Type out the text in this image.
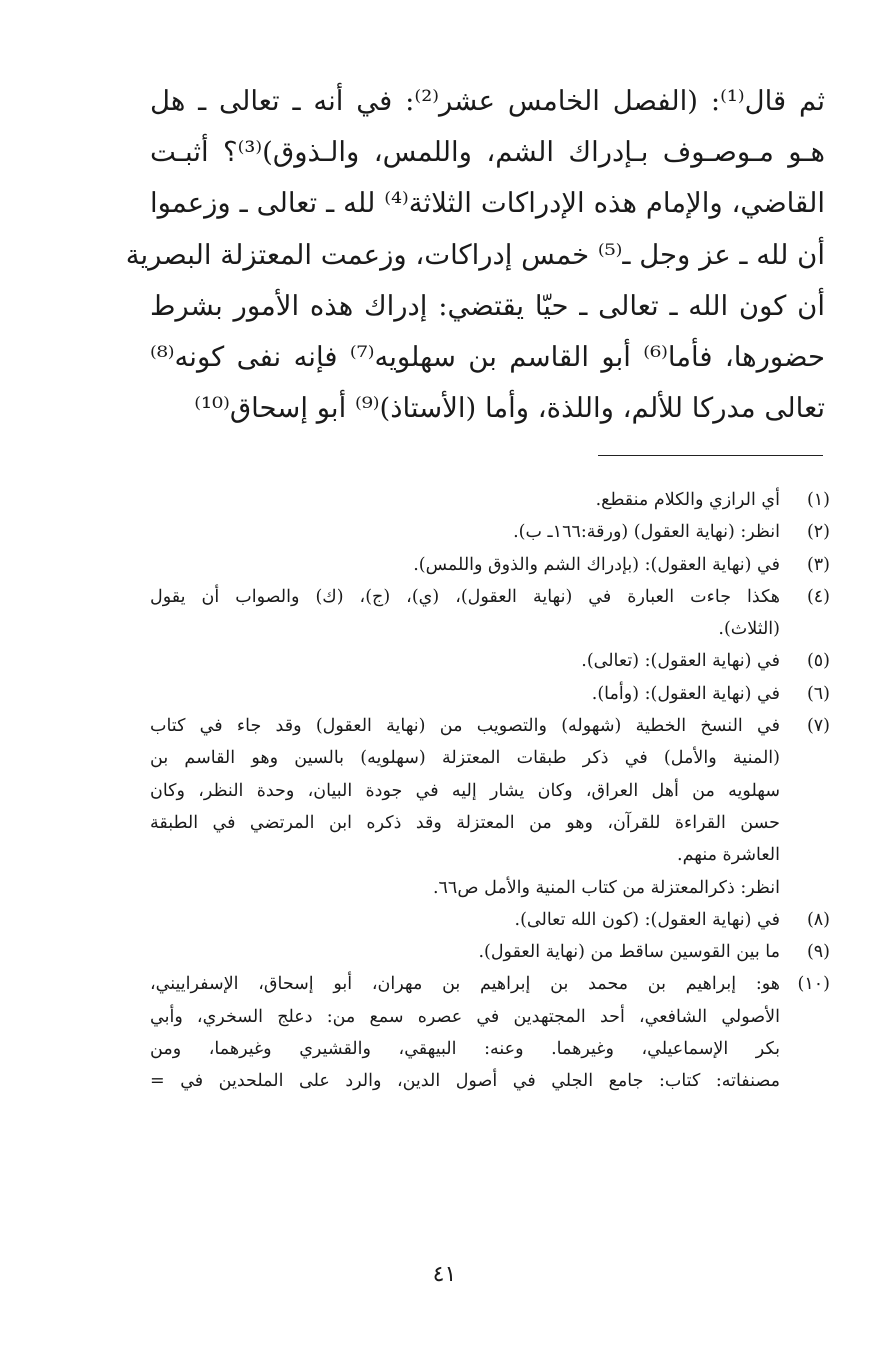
ثم قال⁽¹⁾: (الفصل الخامس عشر⁽²⁾: في أنه ـ تعالى ـ هل
هـو مـوصـوف بـإدراك الشم، واللمس، والـذوق)⁽³⁾؟ أثبـت
القاضي، والإمام هذه الإدراكات الثلاثة⁽⁴⁾ لله ـ تعالى ـ وزعموا
أن لله ـ عز وجل ـ⁽⁵⁾ خمس إدراكات، وزعمت المعتزلة البصرية
أن كون الله ـ تعالى ـ حيّا يقتضي: إدراك هذه الأمور بشرط
حضورها، فأما⁽⁶⁾ أبو القاسم بن سهلويه⁽⁷⁾ فإنه نفى كونه⁽⁸⁾
تعالى مدركا للألم، واللذة، وأما (الأستاذ)⁽⁹⁾ أبو إسحاق⁽¹⁰⁾
(١)
أي الرازي والكلام منقطع.
(٢)
انظر: (نهاية العقول) (ورقة:١٦٦ـ ب).
(٣)
في (نهاية العقول): (بإدراك الشم والذوق واللمس).
(٤)
هكذا جاءت العبارة في (نهاية العقول)، (ي)، (ج)، (ك) والصواب أن يقول
(الثلاث).
(٥)
في (نهاية العقول): (تعالى).
(٦)
في (نهاية العقول): (وأما).
(٧)
في النسخ الخطية (شهوله) والتصويب من (نهاية العقول) وقد جاء في كتاب
(المنية والأمل) في ذكر طبقات المعتزلة (سهلويه) بالسين وهو القاسم بن
سهلويه من أهل العراق، وكان يشار إليه في جودة البيان، وحدة النظر، وكان
حسن القراءة للقرآن، وهو من المعتزلة وقد ذكره ابن المرتضي في الطبقة
العاشرة منهم.
انظر: ذكرالمعتزلة من كتاب المنية والأمل ص٦٦.
(٨)
في (نهاية العقول): (كون الله تعالى).
(٩)
ما بين القوسين ساقط من (نهاية العقول).
(١٠)
هو: إبراهيم بن محمد بن إبراهيم بن مهران، أبو إسحاق، الإسفراييني،
الأصولي الشافعي، أحد المجتهدين في عصره سمع من: دعلج السخري، وأبي
بكر الإسماعيلي، وغيرهما. وعنه: البيهقي، والقشيري وغيرهما، ومن
مصنفاته: كتاب: جامع الجلي في أصول الدين، والرد على الملحدين في =
٤١
